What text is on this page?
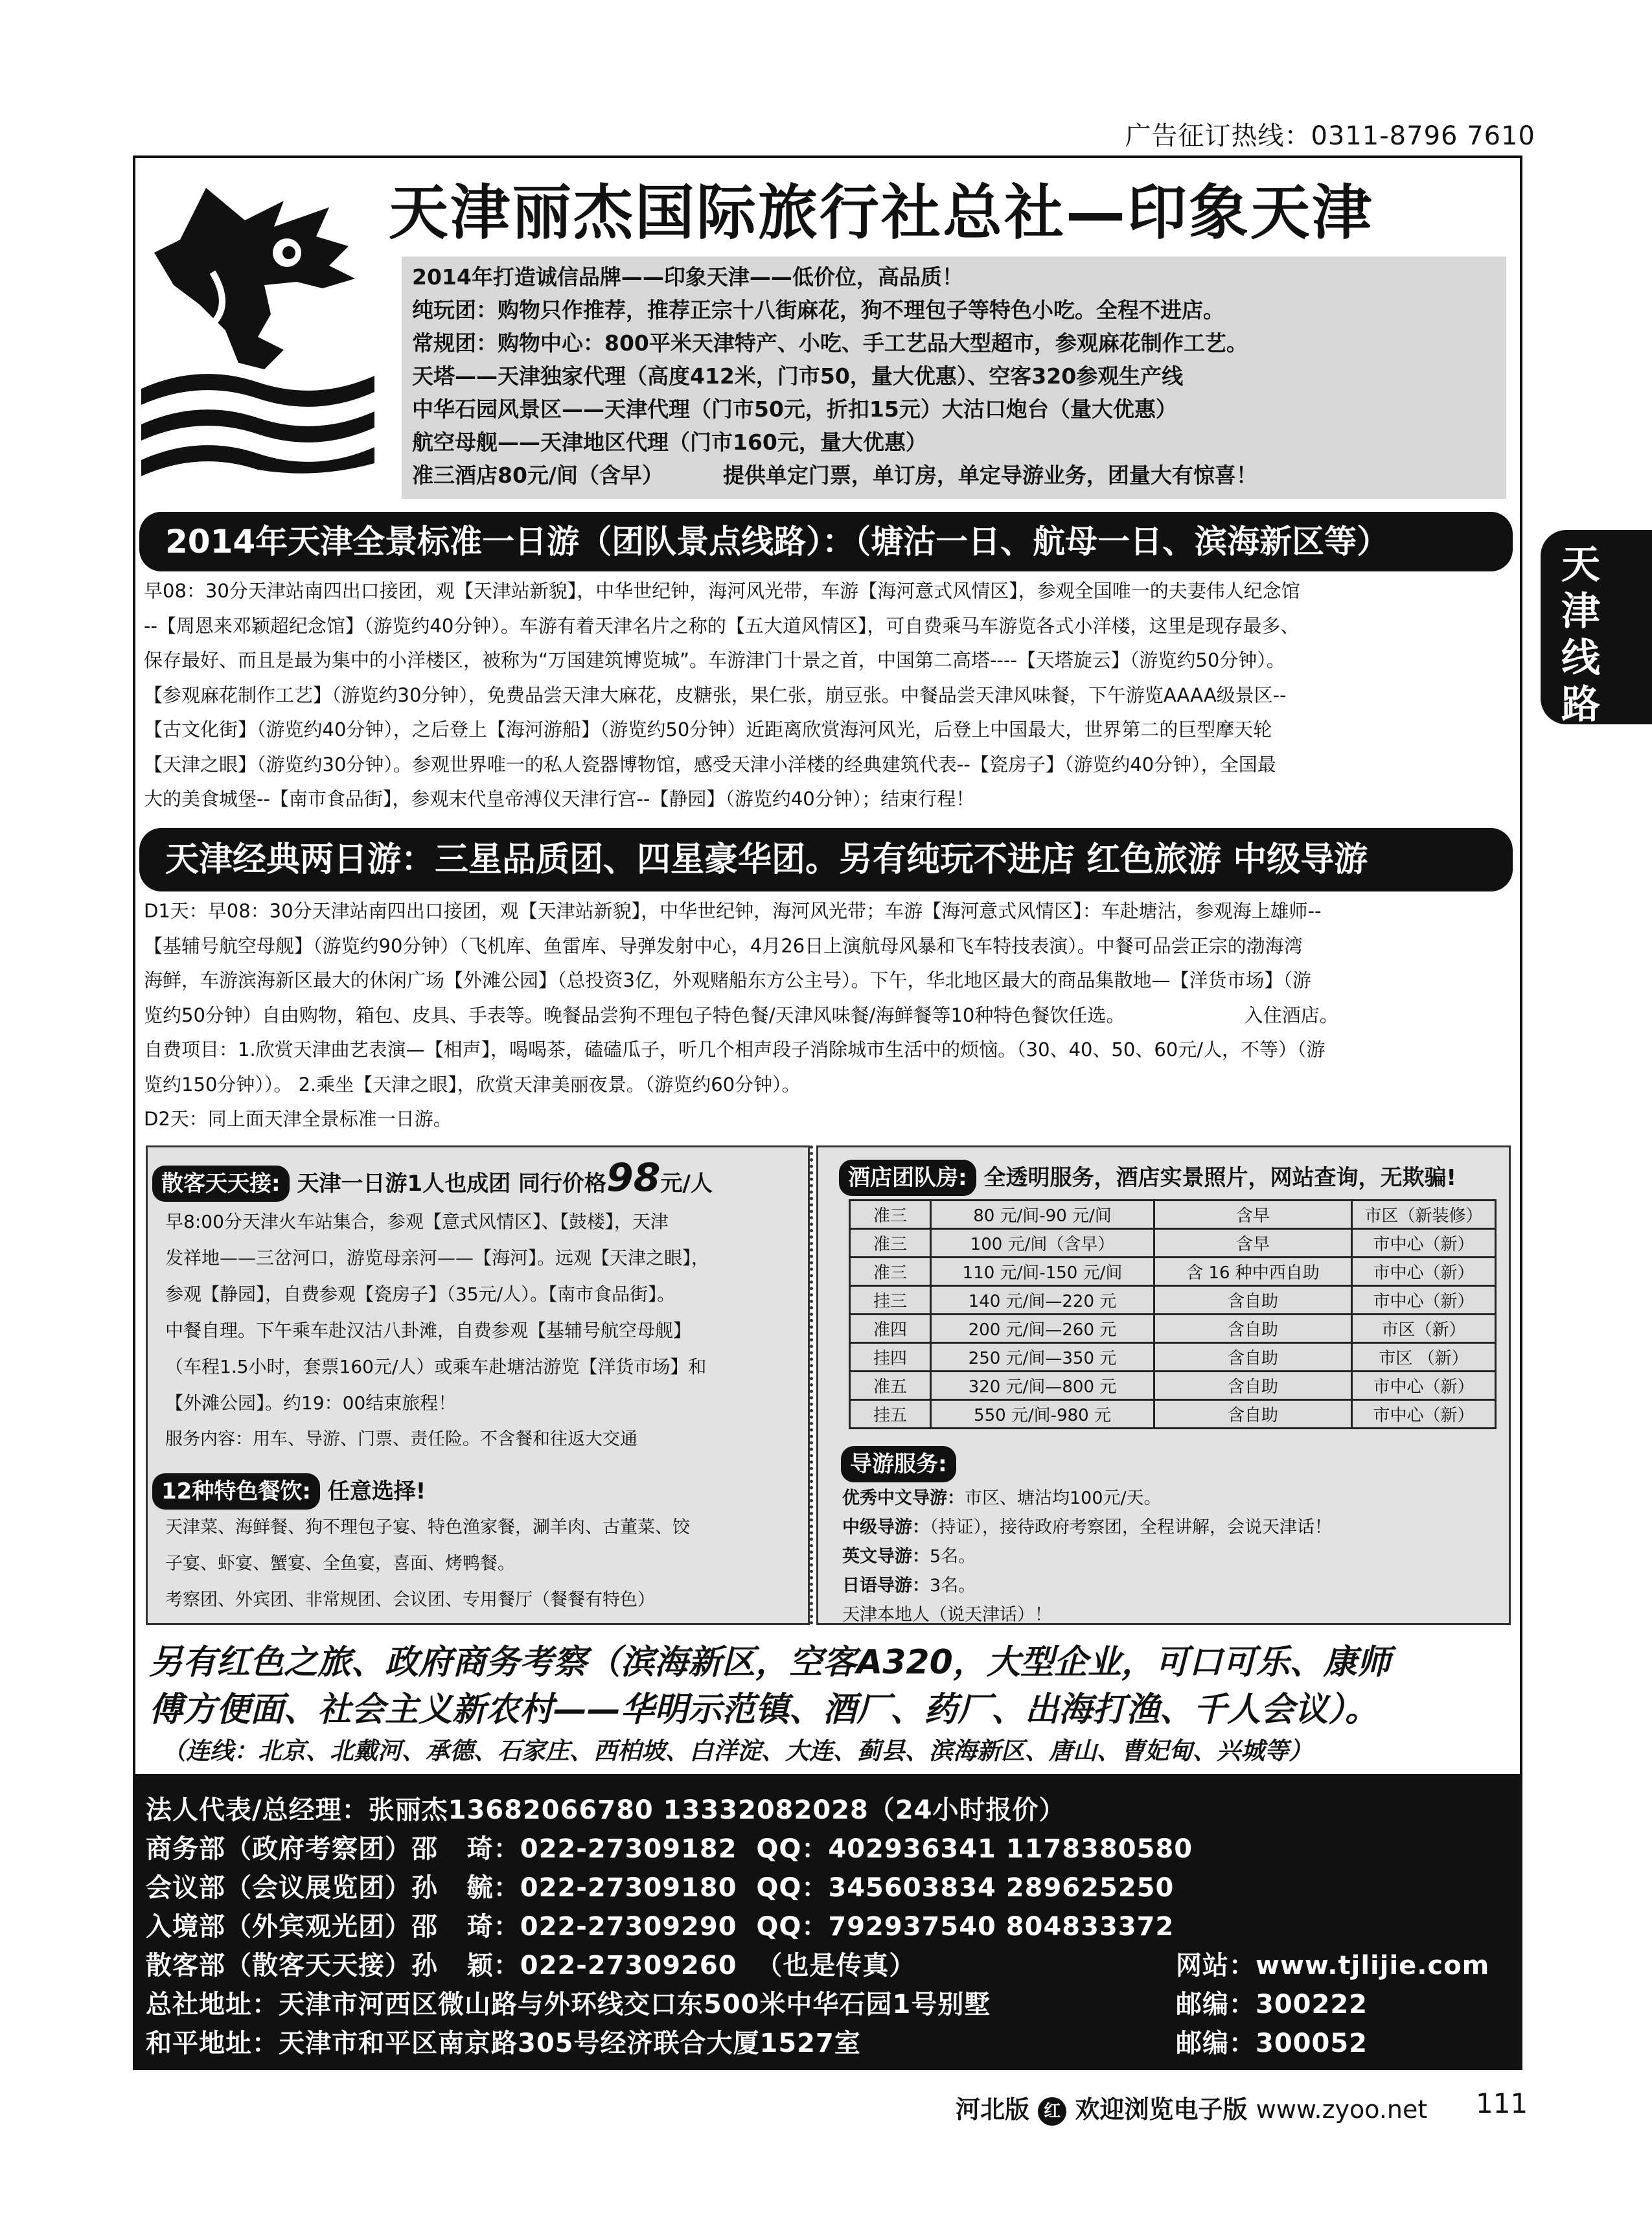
广告征订热线：0311-8796 7610
天津丽杰国际旅行社总社—印象天津
2014年打造诚信品牌——印象天津——低价位，高品质！
纯玩团：购物只作推荐，推荐正宗十八街麻花，狗不理包子等特色小吃。全程不进店。
常规团：购物中心：800平米天津特产、小吃、手工艺品大型超市，参观麻花制作工艺。
天塔——天津独家代理（高度412米，门市50，量大优惠）、空客320参观生产线
中华石园风景区——天津代理（门市50元，折扣15元）大沽口炮台（量大优惠）
航空母舰——天津地区代理（门市160元，量大优惠）
准三酒店80元/间（含早）        提供单定门票，单订房，单定导游业务，团量大有惊喜！
天津线路
2014年天津全景标准一日游（团队景点线路）：（塘沽一日、航母一日、滨海新区等）
早08：30分天津站南四出口接团，观【天津站新貌】，中华世纪钟，海河风光带，车游【海河意式风情区】，参观全国唯一的夫妻伟人纪念馆
--【周恩来邓颖超纪念馆】（游览约40分钟）。车游有着天津名片之称的【五大道风情区】，可自费乘马车游览各式小洋楼，这里是现存最多、
保存最好、而且是最为集中的小洋楼区，被称为“万国建筑博览城”。车游津门十景之首，中国第二高塔----【天塔旋云】（游览约50分钟）。
【参观麻花制作工艺】（游览约30分钟），免费品尝天津大麻花，皮糖张，果仁张，崩豆张。中餐品尝天津风味餐，下午游览AAAA级景区--
【古文化街】（游览约40分钟），之后登上【海河游船】（游览约50分钟）近距离欣赏海河风光，后登上中国最大，世界第二的巨型摩天轮
【天津之眼】（游览约30分钟）。参观世界唯一的私人瓷器博物馆，感受天津小洋楼的经典建筑代表--【瓷房子】（游览约40分钟），全国最
大的美食城堡--【南市食品街】，参观末代皇帝溥仪天津行宫--【静园】（游览约40分钟）；结束行程！
天津经典两日游：三星品质团、四星豪华团。另有纯玩不进店 红色旅游 中级导游
D1天：早08：30分天津站南四出口接团，观【天津站新貌】，中华世纪钟，海河风光带；车游【海河意式风情区】：车赴塘沽，参观海上雄师--
【基辅号航空母舰】（游览约90分钟）（飞机库、鱼雷库、导弹发射中心，4月26日上演航母风暴和飞车特技表演）。中餐可品尝正宗的渤海湾
海鲜，车游滨海新区最大的休闲广场【外滩公园】（总投资3亿，外观赌船东方公主号）。下午，华北地区最大的商品集散地—【洋货市场】（游
览约50分钟）自由购物，箱包、皮具、手表等。晚餐品尝狗不理包子特色餐/天津风味餐/海鲜餐等10种特色餐饮任选。                    入住酒店。
自费项目：1.欣赏天津曲艺表演—【相声】，喝喝茶，磕磕瓜子，听几个相声段子消除城市生活中的烦恼。（30、40、50、60元/人，不等）（游
览约150分钟））。 2.乘坐【天津之眼】，欣赏天津美丽夜景。（游览约60分钟）。
D2天：同上面天津全景标准一日游。
散客天天接: 天津一日游1人也成团 同行价格98元/人
早8:00分天津火车站集合，参观【意式风情区】、【鼓楼】，天津
发祥地——三岔河口，游览母亲河——【海河】。远观【天津之眼】，
参观【静园】，自费参观【瓷房子】（35元/人）。【南市食品街】。
中餐自理。下午乘车赴汉沽八卦滩，自费参观【基辅号航空母舰】
（车程1.5小时，套票160元/人）或乘车赴塘沽游览【洋货市场】和
【外滩公园】。约19：00结束旅程！
服务内容：用车、导游、门票、责任险。不含餐和往返大交通
12种特色餐饮: 任意选择!
天津菜、海鲜餐、狗不理包子宴、特色渔家餐，涮羊肉、古董菜、饺
子宴、虾宴、蟹宴、全鱼宴，喜面、烤鸭餐。
考察团、外宾团、非常规团、会议团、专用餐厅（餐餐有特色）
酒店团队房: 全透明服务，酒店实景照片，网站查询，无欺骗!
准三	80 元/间-90 元/间	含早	市区（新装修）
准三	100 元/间（含早）	含早	市中心（新）
准三	110 元/间-150 元/间	含 16 种中西自助	市中心（新）
挂三	140 元/间—220 元	含自助	市中心（新）
准四	200 元/间—260 元	含自助	市区（新）
挂四	250 元/间—350 元	含自助	市区 （新）
准五	320 元/间—800 元	含自助	市中心（新）
挂五	550 元/间-980 元	含自助	市中心（新）
导游服务:
优秀中文导游：市区、塘沽均100元/天。
中级导游：（持证），接待政府考察团，全程讲解，会说天津话！
英文导游：5名。
日语导游：3名。
天津本地人（说天津话）！
另有红色之旅、政府商务考察（滨海新区，空客A320，大型企业，可口可乐、康师
傅方便面、社会主义新农村——华明示范镇、酒厂、药厂、出海打渔、千人会议）。
（连线：北京、北戴河、承德、石家庄、西柏坡、白洋淀、大连、蓟县、滨海新区、唐山、曹妃甸、兴城等）
法人代表/总经理：张丽杰13682066780 13332082028（24小时报价）
商务部（政府考察团）邵   琦：022-27309182  QQ：402936341 1178380580
会议部（会议展览团）孙   毓：022-27309180  QQ：345603834 289625250
入境部（外宾观光团）邵   琦：022-27309290  QQ：792937540 804833372
散客部（散客天天接）孙   颖：022-27309260  （也是传真）	网站：www.tjlijie.com
总社地址：天津市河西区微山路与外环线交口东500米中华石园1号别墅	邮编：300222
和平地址：天津市和平区南京路305号经济联合大厦1527室	邮编：300052
河北版 红 欢迎浏览电子版 www.zyoo.net 111
